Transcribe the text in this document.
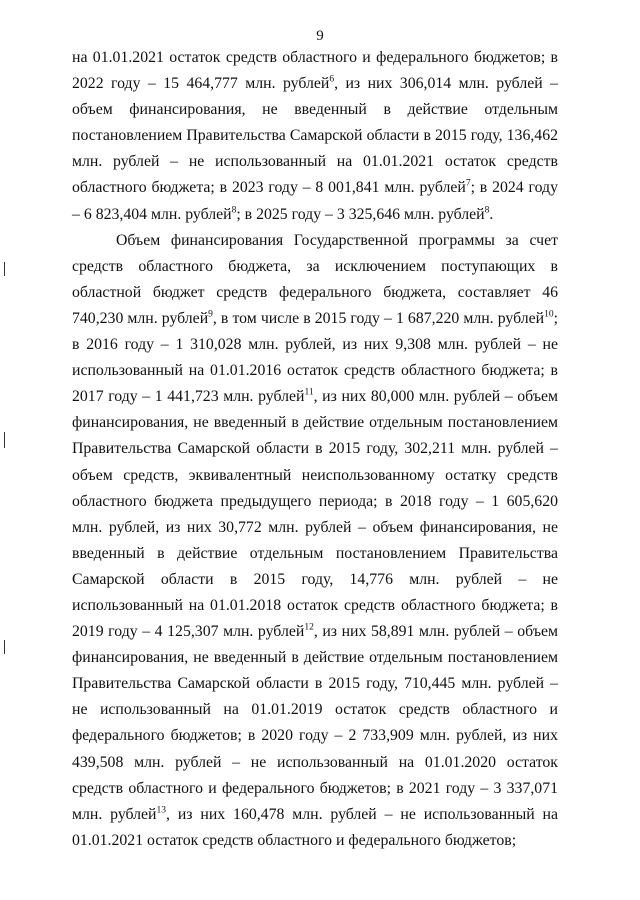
9

на 01.01.2021 остаток средств областного и федерального бюджетов; в 2022 году – 15 464,777 млн. рублей$^6$, из них 306,014 млн. рублей – объем финансирования, не введенный в действие отдельным постановлением Правительства Самарской области в 2015 году, 136,462 млн. рублей – не использованный на 01.01.2021 остаток средств областного бюджета; в 2023 году – 8 001,841 млн. рублей$^7$; в 2024 году – 6 823,404 млн. рублей$^8$; в 2025 году – 3 325,646 млн. рублей$^8$.

Объем финансирования Государственной программы за счет средств областного бюджета, за исключением поступающих в областной бюджет средств федерального бюджета, составляет 46 740,230 млн. рублей$^9$, в том числе в 2015 году – 1 687,220 млн. рублей$^{10}$; в 2016 году – 1 310,028 млн. рублей, из них 9,308 млн. рублей – не использованный на 01.01.2016 остаток средств областного бюджета; в 2017 году – 1 441,723 млн. рублей$^{11}$, из них 80,000 млн. рублей – объем финансирования, не введенный в действие отдельным постановлением Правительства Самарской области в 2015 году, 302,211 млн. рублей – объем средств, эквивалентный неиспользованному остатку средств областного бюджета предыдущего периода; в 2018 году – 1 605,620 млн. рублей, из них 30,772 млн. рублей – объем финансирования, не введенный в действие отдельным постановлением Правительства Самарской области в 2015 году, 14,776 млн. рублей – не использованный на 01.01.2018 остаток средств областного бюджета; в 2019 году – 4 125,307 млн. рублей$^{12}$, из них 58,891 млн. рублей – объем финансирования, не введенный в действие отдельным постановлением Правительства Самарской области в 2015 году, 710,445 млн. рублей – не использованный на 01.01.2019 остаток средств областного и федерального бюджетов; в 2020 году – 2 733,909 млн. рублей, из них 439,508 млн. рублей – не использованный на 01.01.2020 остаток средств областного и федерального бюджетов; в 2021 году – 3 337,071 млн. рублей$^{13}$, из них 160,478 млн. рублей – не использованный на 01.01.2021 остаток средств областного и федерального бюджетов;
